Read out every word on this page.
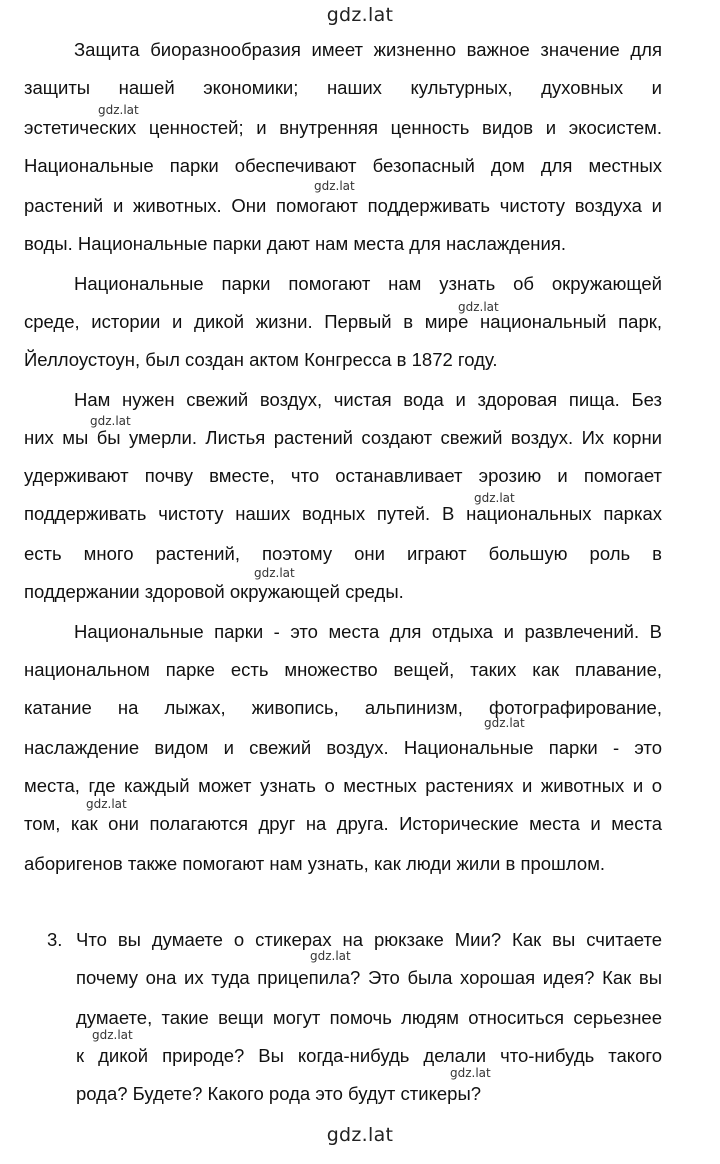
gdz.lat
Защита биоразнообразия имеет жизненно важное значение для
защиты нашей экономики; наших культурных, духовных и
эстетических ценностей; и внутренняя ценность видов и экосистем.
Национальные парки обеспечивают безопасный дом для местных
растений и животных. Они помогают поддерживать чистоту воздуха и
воды. Национальные парки дают нам места для наслаждения.
Национальные парки помогают нам узнать об окружающей
среде, истории и дикой жизни. Первый в мире национальный парк,
Йеллоустоун, был создан актом Конгресса в 1872 году.
Нам нужен свежий воздух, чистая вода и здоровая пища. Без
них мы бы умерли. Листья растений создают свежий воздух. Их корни
удерживают почву вместе, что останавливает эрозию и помогает
поддерживать чистоту наших водных путей. В национальных парках
есть много растений, поэтому они играют большую роль в
поддержании здоровой окружающей среды.
Национальные парки - это места для отдыха и развлечений. В
национальном парке есть множество вещей, таких как плавание,
катание на лыжах, живопись, альпинизм, фотографирование,
наслаждение видом и свежий воздух. Национальные парки - это
места, где каждый может узнать о местных растениях и животных и о
том, как они полагаются друг на друга. Исторические места и места
аборигенов также помогают нам узнать, как люди жили в прошлом.
3. Что вы думаете о стикерах на рюкзаке Мии? Как вы считаете
почему она их туда прицепила? Это была хорошая идея? Как вы
думаете, такие вещи могут помочь людям относиться серьезнее
к дикой природе? Вы когда-нибудь делали что-нибудь такого
рода? Будете? Какого рода это будут стикеры?
gdz.lat
gdz.lat
gdz.lat
gdz.lat
gdz.lat
gdz.lat
gdz.lat
gdz.lat
gdz.lat
gdz.lat
gdz.lat
gdz.lat
